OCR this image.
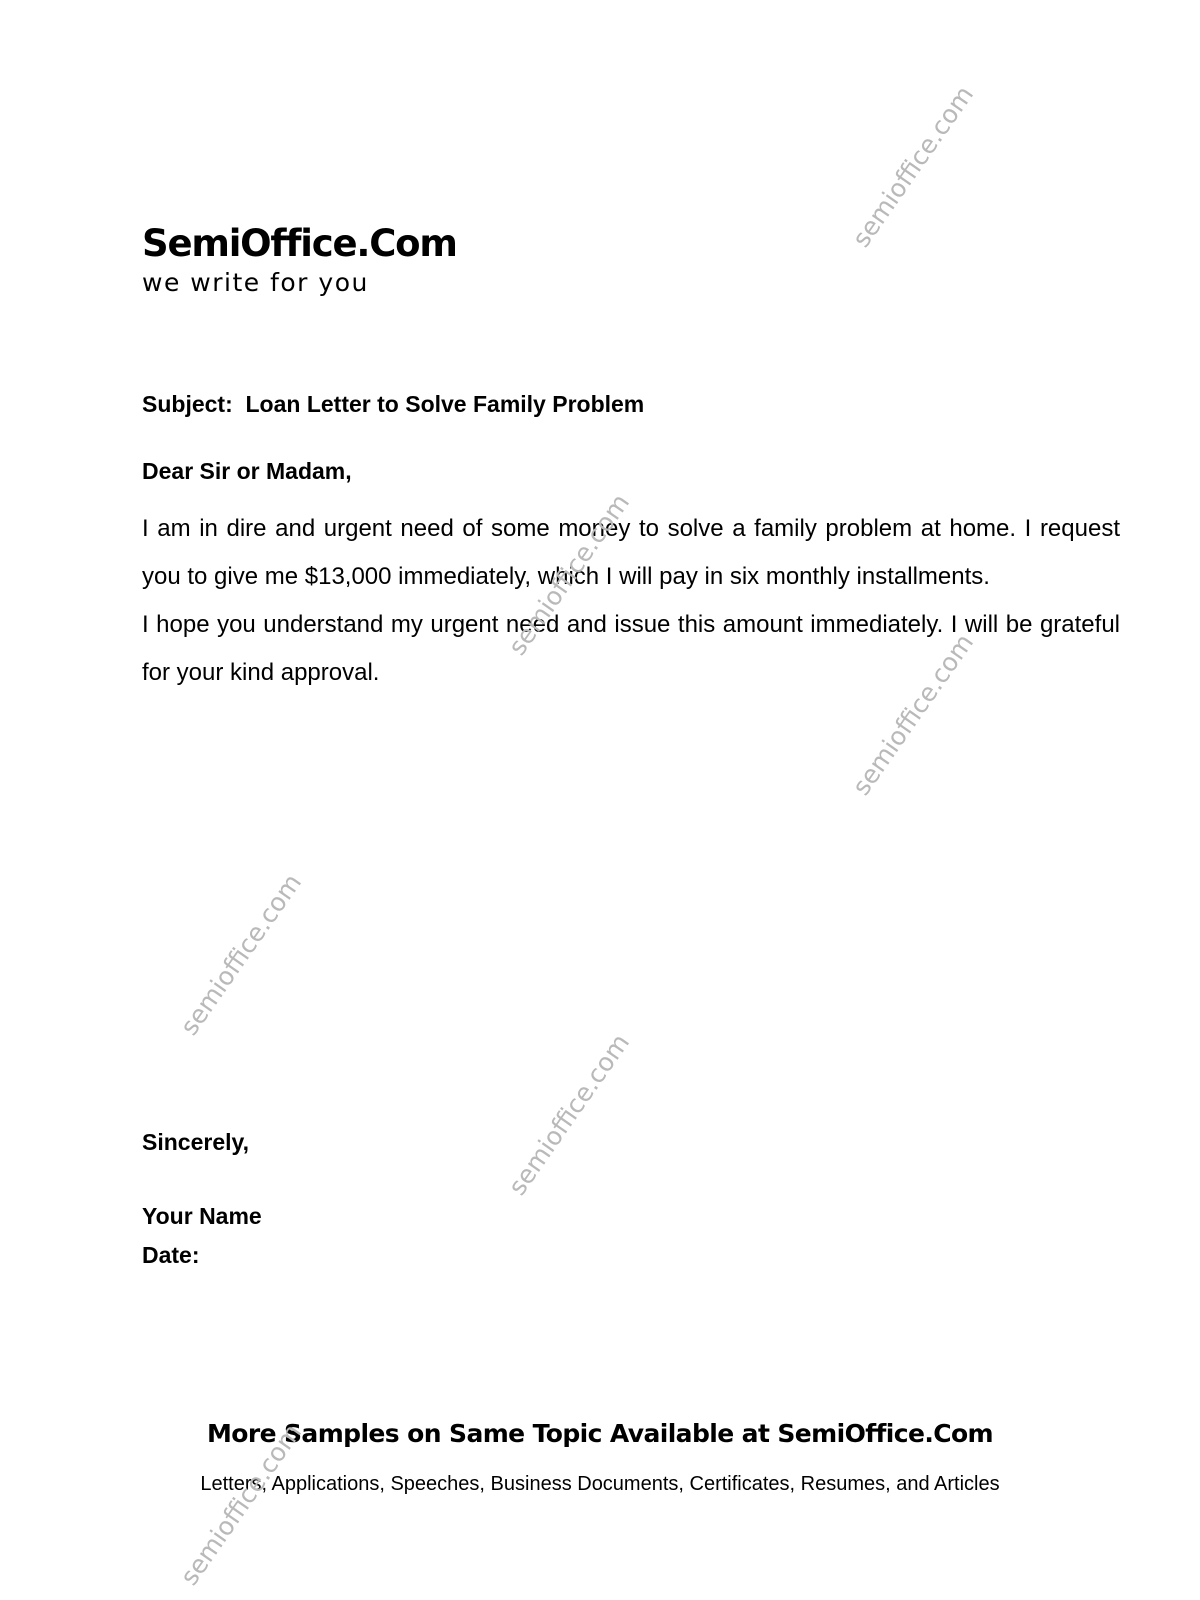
SemiOffice.Com
we write for you
Subject:  Loan Letter to Solve Family Problem
Dear Sir or Madam,

I am in dire and urgent need of some money to solve a family problem at home. I request you to give me $13,000 immediately, which I will pay in six monthly installments.

I hope you understand my urgent need and issue this amount immediately. I will be grateful for your kind approval.

Sincerely,
Your Name
Date:
More Samples on Same Topic Available at SemiOffice.Com
Letters, Applications, Speeches, Business Documents, Certificates, Resumes, and Articles
semioffice.com
semioffice.com
semioffice.com
semioffice.com
semioffice.com
semioffice.com
